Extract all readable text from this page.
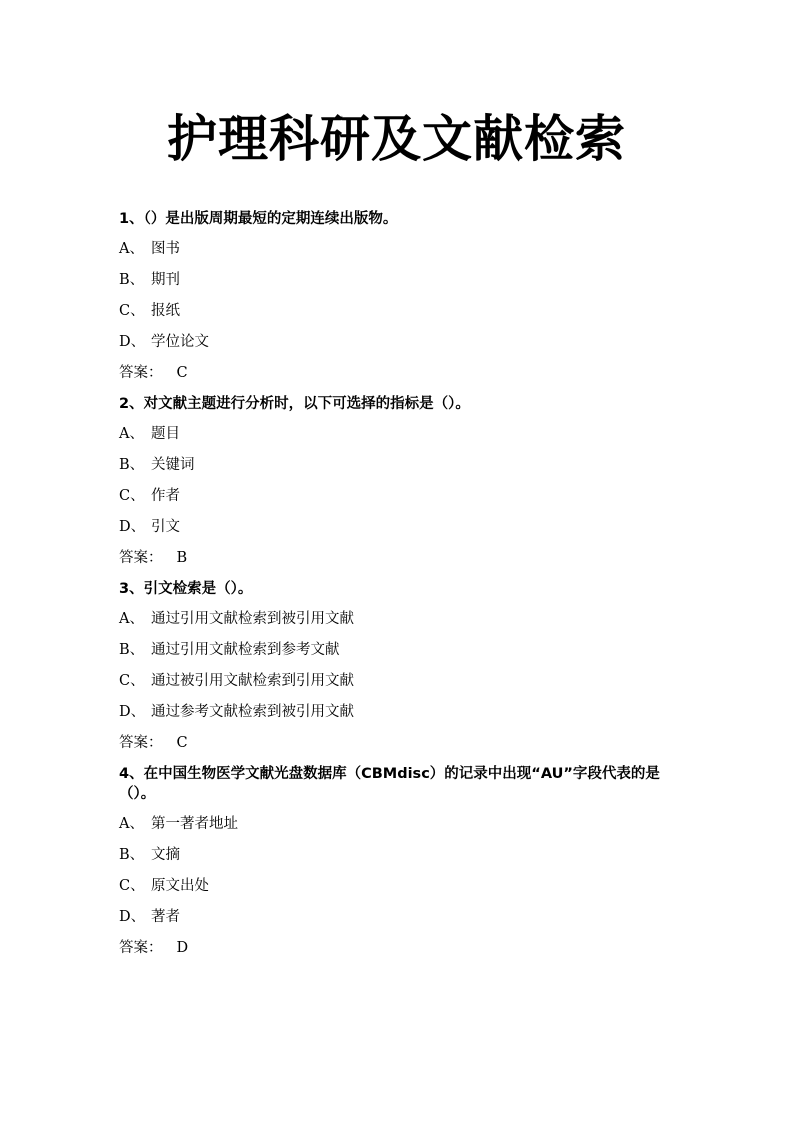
护理科研及文献检索

1、（）是出版周期最短的定期连续出版物。

A、 图书
B、 期刊
C、 报纸
D、 学位论文
答案： C

2、对文献主题进行分析时，以下可选择的指标是（）。

A、 题目
B、 关键词
C、 作者
D、 引文
答案： B

3、引文检索是（）。

A、 通过引用文献检索到被引用文献
B、 通过引用文献检索到参考文献
C、 通过被引用文献检索到引用文献
D、 通过参考文献检索到被引用文献
答案： C

4、在中国生物医学文献光盘数据库（CBMdisc）的记录中出现“AU”字段代表的是（）。

A、 第一著者地址
B、 文摘
C、 原文出处
D、 著者
答案： D
